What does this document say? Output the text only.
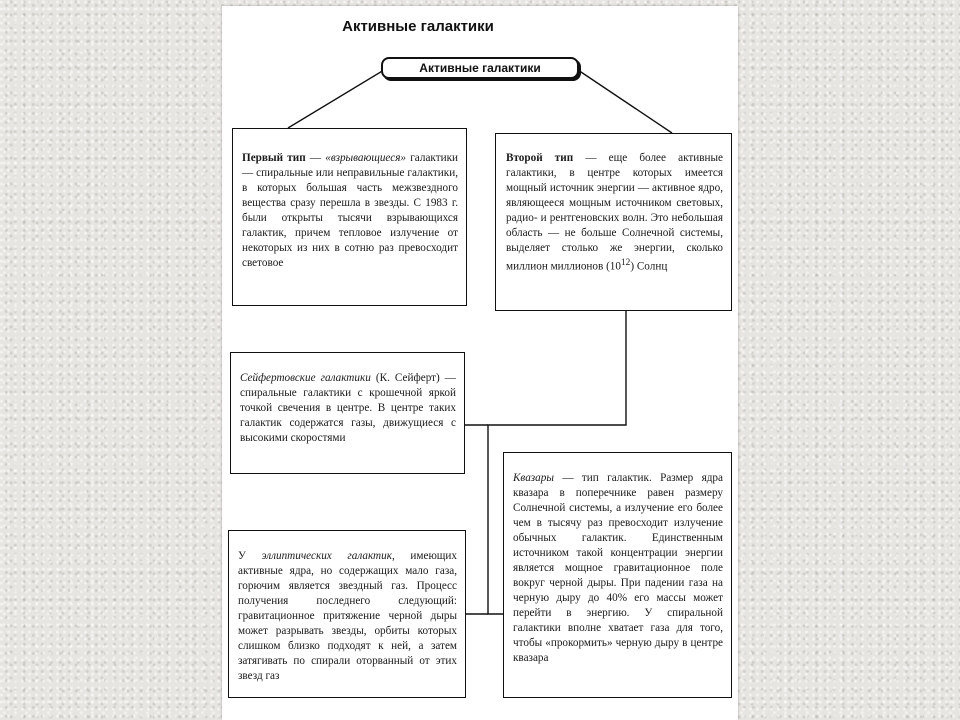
Активные галактики
Активные галактики
Первый тип — «взрывающиеся» галактики — спиральные или неправильные галактики, в которых большая часть межзвездного вещества сразу перешла в звезды. С 1983 г. были открыты тысячи взрывающихся галактик, причем тепловое излучение от некоторых из них в сотню раз превосходит световое
Второй тип — еще более активные галактики, в центре которых имеется мощный источник энергии — активное ядро, являющееся мощным источником световых, радио- и рентгеновских волн. Это небольшая область — не больше Солнечной системы, выделяет столько же энергии, сколько миллион миллионов $(10^{12})$ Солнц
Сейфертовские галактики (К. Сейферт) — спиральные галактики с крошечной яркой точкой свечения в центре. В центре таких галактик содержатся газы, движущиеся с высокими скоростями
Квазары — тип галактик. Размер ядра квазара в поперечнике равен размеру Солнечной системы, а излучение его более чем в тысячу раз превосходит излучение обычных галактик. Единственным источником такой концентрации энергии является мощное гравитационное поле вокруг черной дыры. При падении газа на черную дыру до 40% его массы может перейти в энергию. У спиральной галактики вполне хватает газа для того, чтобы «прокормить» черную дыру в центре квазара
У эллиптических галактик, имеющих активные ядра, но содержащих мало газа, горючим является звездный газ. Процесс получения последнего следующий: гравитационное притяжение черной дыры может разрывать звезды, орбиты которых слишком близко подходят к ней, а затем затягивать по спирали оторванный от этих звезд газ
